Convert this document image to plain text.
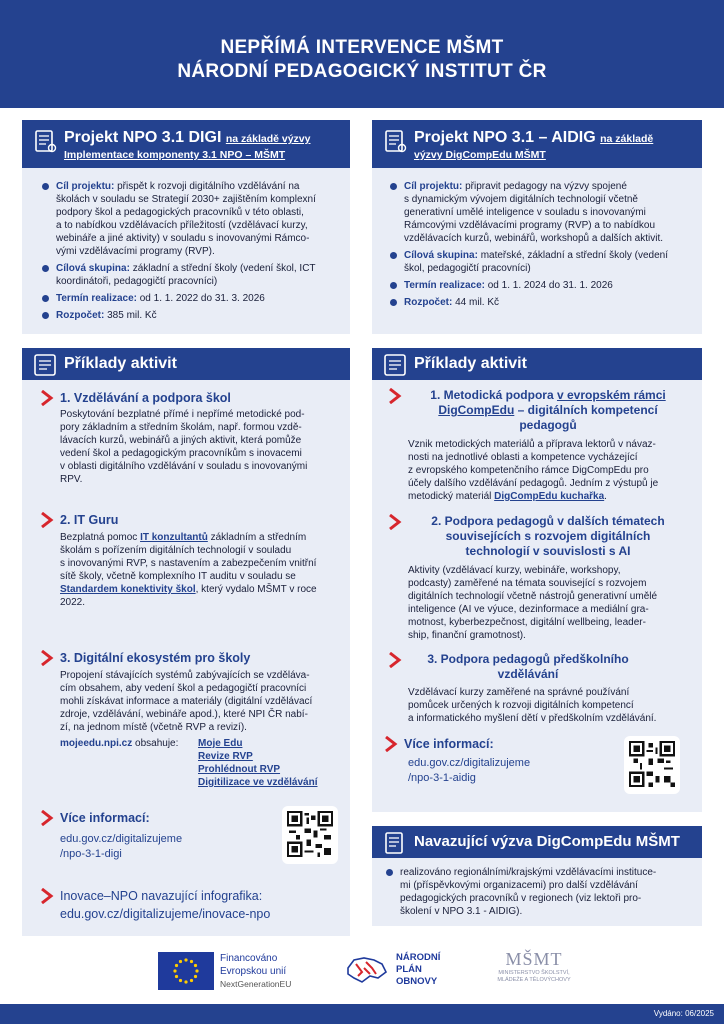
NEPŘÍMÁ INTERVENCE MŠMT
NÁRODNÍ PEDAGOGICKÝ INSTITUT ČR
Projekt NPO 3.1 DIGI na základě výzvy
Implementace komponenty 3.1 NPO – MŠMT
Cíl projektu: přispět k rozvoji digitálního vzdělávání na
školách v souladu se Strategií 2030+ zajištěním komplexní
podpory škol a pedagogických pracovníků v této oblasti,
a to nabídkou vzdělávacích příležitostí (vzdělávací kurzy,
webináře a jiné aktivity) v souladu s inovovanými Rámco-
vými vzdělávacími programy (RVP).
Cílová skupina: základní a střední školy (vedení škol, ICT
koordinátoři, pedagogičtí pracovníci)
Termín realizace: od 1. 1. 2022 do 31. 3. 2026
Rozpočet: 385 mil. Kč
Projekt NPO 3.1 – AIDIG na základě
výzvy DigCompEdu MŠMT
Cíl projektu: připravit pedagogy na výzvy spojené
s dynamickým vývojem digitálních technologií včetně
generativní umělé inteligence v souladu s inovovanými
Rámcovými vzdělávacími programy (RVP) a to nabídkou
vzdělávacích kurzů, webinářů, workshopů a dalších aktivit.
Cílová skupina: mateřské, základní a střední školy (vedení
škol, pedagogičtí pracovníci)
Termín realizace: od 1. 1. 2024 do 31. 1. 2026
Rozpočet: 44 mil. Kč
Příklady aktivit
1. Vzdělávání a podpora škol
Poskytování bezplatné přímé i nepřímé metodické pod-
pory základním a středním školám, např. formou vzdě-
lávacích kurzů, webinářů a jiných aktivit, která pomůže
vedení škol a pedagogickým pracovníkům s inovacemi
v oblasti digitálního vzdělávání v souladu s inovovanými
RPV.
2. IT Guru
Bezplatná pomoc IT konzultantů základním a středním
školám s pořízením digitálních technologií v souladu
s inovovanými RVP, s nastavením a zabezpečením vnitřní
sítě školy, včetně komplexního IT auditu v souladu se
Standardem konektivity škol, který vydalo MŠMT v roce
2022.
3. Digitální ekosystém pro školy
Propojení stávajících systémů zabývajících se vzděláva-
cím obsahem, aby vedení škol a pedagogičtí pracovníci
mohli získávat informace a materiály (digitální vzdělávací
zdroje, vzdělávání, webináře apod.), které NPI ČR nabí-
zí, na jednom místě (včetně RVP a revizí).
mojeedu.npi.cz obsahuje: Moje Edu
Revize RVP
Prohlédnout RVP
Digitilizace ve vzdělávání
Více informací:
edu.gov.cz/digitalizujeme
/npo-3-1-digi
Inovace–NPO navazující infografika:
edu.gov.cz/digitalizujeme/inovace-npo
Příklady aktivit
1. Metodická podpora v evropském rámci
DigCompEdu – digitálních kompetencí
pedagogů
Vznik metodických materiálů a příprava lektorů v návaz-
nosti na jednotlivé oblasti a kompetence vycházející
z evropského kompetenčního rámce DigCompEdu pro
účely dalšího vzdělávání pedagogů. Jedním z výstupů je
metodický materiál DigCompEdu kuchařka.
2. Podpora pedagogů v dalších tématech
souvisejících s rozvojem digitálních
technologií v souvislosti s AI
Aktivity (vzdělávací kurzy, webináře, workshopy,
podcasty) zaměřené na témata související s rozvojem
digitálních technologií včetně nástrojů generativní umělé
inteligence (AI ve výuce, dezinformace a mediální gra-
motnost, kyberbezpečnost, digitální wellbeing, leader-
ship, finanční gramotnost).
3. Podpora pedagogů předškolního
vzdělávání
Vzdělávací kurzy zaměřené na správné používání
pomůcek určených k rozvoji digitálních kompetencí
a informatického myšlení dětí v předškolním vzdělávání.
Více informací:
edu.gov.cz/digitalizujeme
/npo-3-1-aidig
Navazující výzva DigCompEdu MŠMT
realizováno regionálními/krajskými vzdělávacími institucе-
mi (příspěvkovými organizacemi) pro další vzdělávání
pedagogických pracovníků v regionech (viz lektoři pro-
školení v NPO 3.1 - AIDIG).
Financováno
Evropskou unií
NextGenerationEU
NÁRODNÍ
PLÁN
OBNOVY
MŠMT
MINISTERSTVO ŠKOLSTVÍ,
MLÁDEŽE A TĚLOVÝCHOVY
Vydáno: 06/2025
